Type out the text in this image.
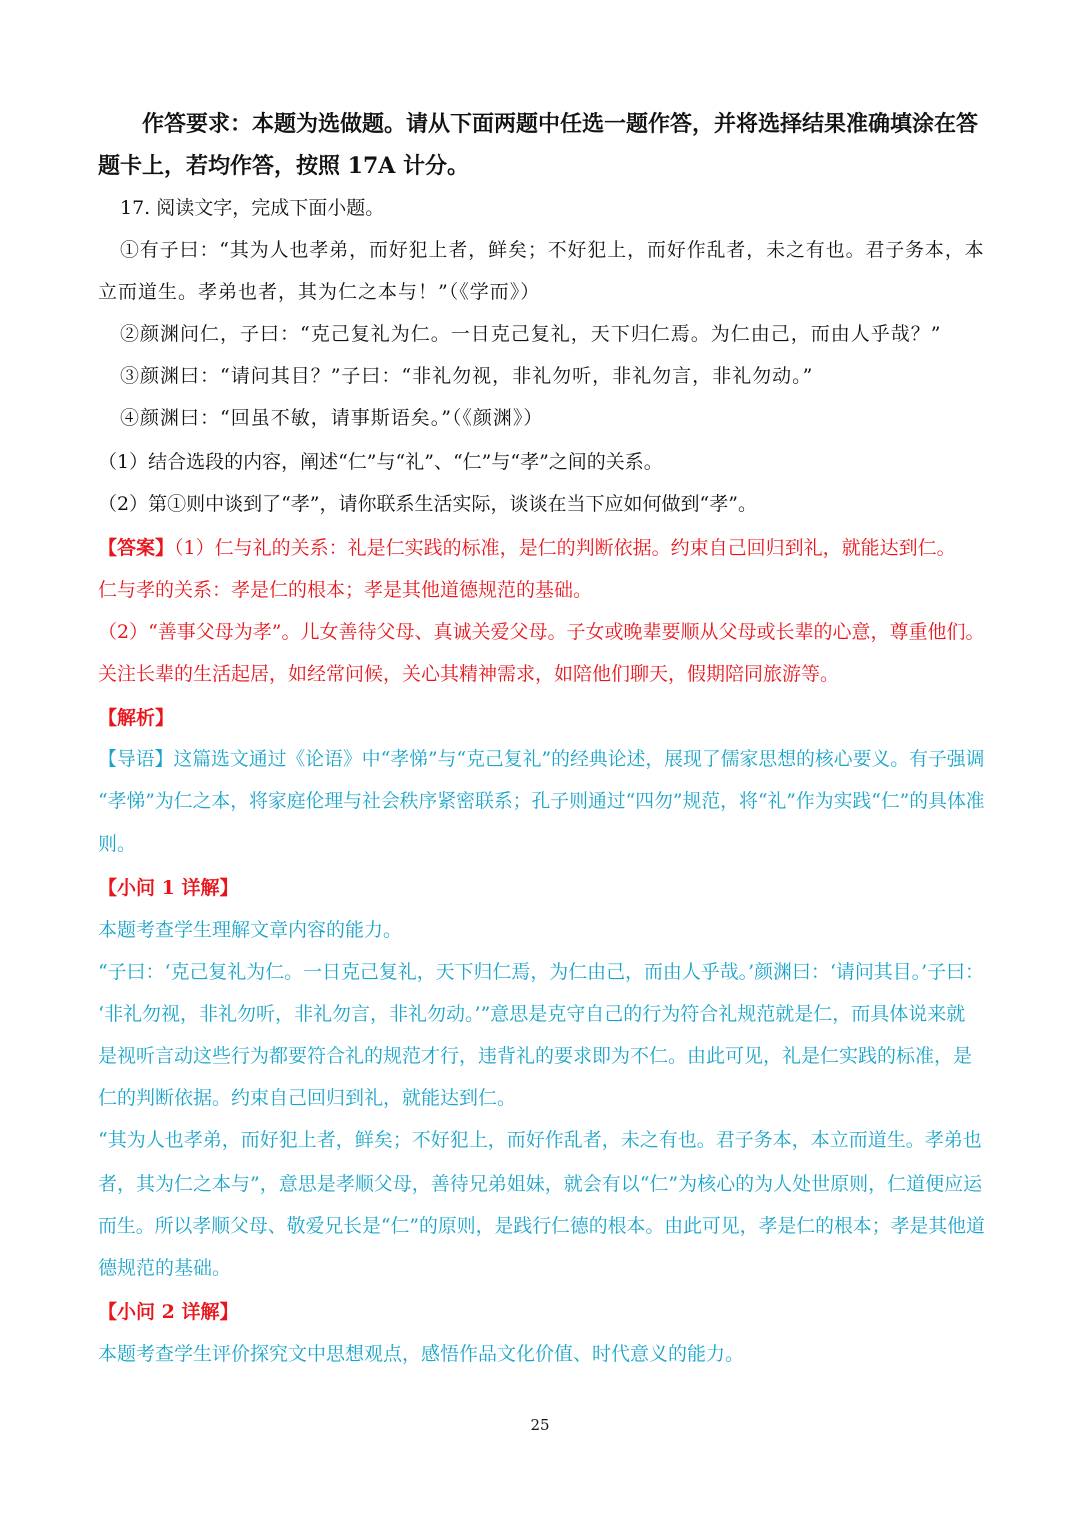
作答要求：本题为选做题。请从下面两题中任选一题作答，并将选择结果准确填涂在答

题卡上，若均作答，按照 17A 计分。

17. 阅读文字，完成下面小题。

①有子曰：“其为人也孝弟，而好犯上者，鲜矣；不好犯上，而好作乱者，未之有也。君子务本，本

立而道生。孝弟也者，其为仁之本与！”（《学而》）

②颜渊问仁，子曰：“克己复礼为仁。一日克己复礼，天下归仁焉。为仁由己，而由人乎哉？”

③颜渊曰：“请问其目？”子曰：“非礼勿视，非礼勿听，非礼勿言，非礼勿动。”

④颜渊曰：“回虽不敏，请事斯语矣。”（《颜渊》）

（1）结合选段的内容，阐述“仁”与“礼”、“仁”与“孝”之间的关系。

（2）第①则中谈到了“孝”，请你联系生活实际，谈谈在当下应如何做到“孝”。

【答案】（1）仁与礼的关系：礼是仁实践的标准，是仁的判断依据。约束自己回归到礼，就能达到仁。

仁与孝的关系：孝是仁的根本；孝是其他道德规范的基础。

（2）“善事父母为孝”。儿女善待父母、真诚关爱父母。子女或晚辈要顺从父母或长辈的心意，尊重他们。

关注长辈的生活起居，如经常问候，关心其精神需求，如陪他们聊天，假期陪同旅游等。

【解析】

【导语】这篇选文通过《论语》中“孝悌”与“克己复礼”的经典论述，展现了儒家思想的核心要义。有子强调

“孝悌”为仁之本，将家庭伦理与社会秩序紧密联系；孔子则通过“四勿”规范，将“礼”作为实践“仁”的具体准

则。

【小问 1 详解】

本题考查学生理解文章内容的能力。

“子曰：‘克己复礼为仁。一日克己复礼，天下归仁焉，为仁由己，而由人乎哉。’颜渊曰：‘请问其目。’子曰：

‘非礼勿视，非礼勿听，非礼勿言，非礼勿动。’”意思是克守自己的行为符合礼规范就是仁，而具体说来就

是视听言动这些行为都要符合礼的规范才行，违背礼的要求即为不仁。由此可见，礼是仁实践的标准，是

仁的判断依据。约束自己回归到礼，就能达到仁。

“其为人也孝弟，而好犯上者，鲜矣；不好犯上，而好作乱者，未之有也。君子务本，本立而道生。孝弟也

者，其为仁之本与”，意思是孝顺父母，善待兄弟姐妹，就会有以“仁”为核心的为人处世原则，仁道便应运

而生。所以孝顺父母、敬爱兄长是“仁”的原则，是践行仁德的根本。由此可见，孝是仁的根本；孝是其他道

德规范的基础。

【小问 2 详解】

本题考查学生评价探究文中思想观点，感悟作品文化价值、时代意义的能力。

25
